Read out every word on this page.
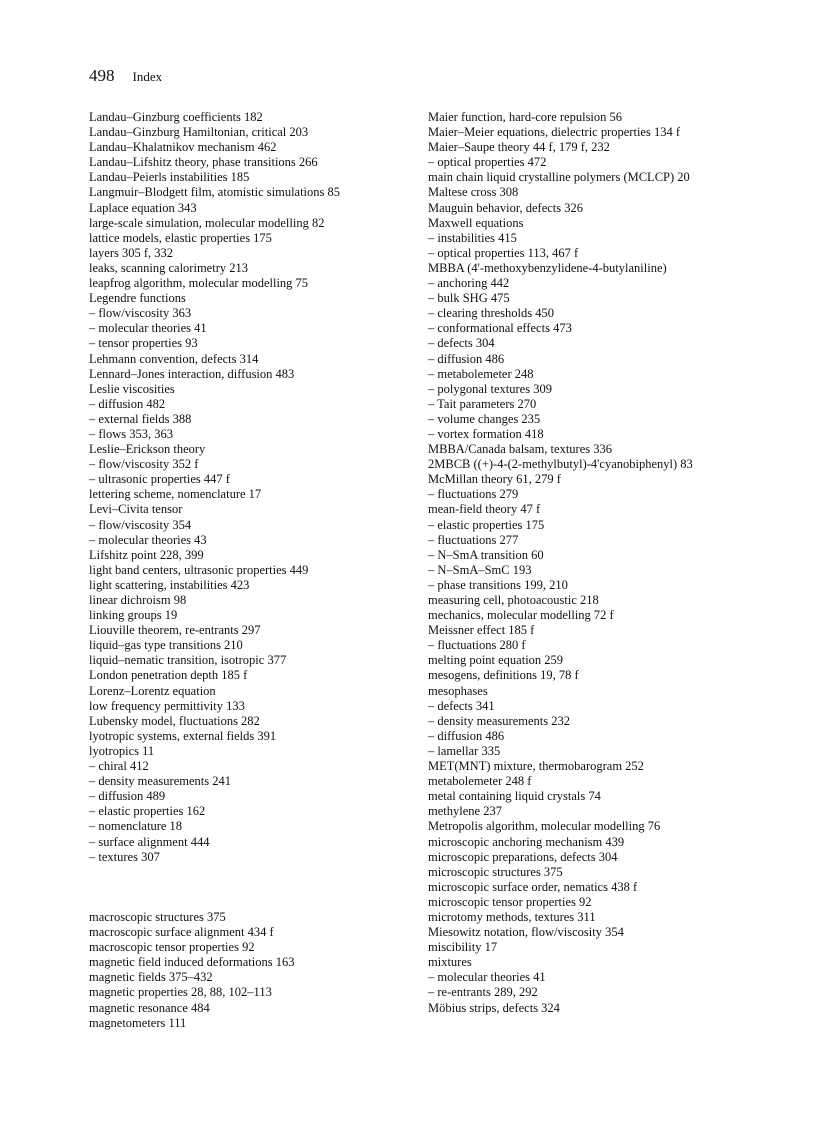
498 Index
Landau–Ginzburg coefficients 182
Landau–Ginzburg Hamiltonian, critical 203
Landau–Khalatnikov mechanism 462
Landau–Lifshitz theory, phase transitions 266
Landau–Peierls instabilities 185
Langmuir–Blodgett film, atomistic simulations 85
Laplace equation 343
large-scale simulation, molecular modelling 82
lattice models, elastic properties 175
layers 305 f, 332
leaks, scanning calorimetry 213
leapfrog algorithm, molecular modelling 75
Legendre functions
– flow/viscosity 363
– molecular theories 41
– tensor properties 93
Lehmann convention, defects 314
Lennard–Jones interaction, diffusion 483
Leslie viscosities
– diffusion 482
– external fields 388
– flows 353, 363
Leslie–Erickson theory
– flow/viscosity 352 f
– ultrasonic properties 447 f
lettering scheme, nomenclature 17
Levi–Civita tensor
– flow/viscosity 354
– molecular theories 43
Lifshitz point 228, 399
light band centers, ultrasonic properties 449
light scattering, instabilities 423
linear dichroism 98
linking groups 19
Liouville theorem, re-entrants 297
liquid–gas type transitions 210
liquid–nematic transition, isotropic 377
London penetration depth 185 f
Lorenz–Lorentz equation
low frequency permittivity 133
Lubensky model, fluctuations 282
lyotropic systems, external fields 391
lyotropics 11
– chiral 412
– density measurements 241
– diffusion 489
– elastic properties 162
– nomenclature 18
– surface alignment 444
– textures 307
macroscopic structures 375
macroscopic surface alignment 434 f
macroscopic tensor properties 92
magnetic field induced deformations 163
magnetic fields 375–432
magnetic properties 28, 88, 102–113
magnetic resonance 484
magnetometers 111
Maier function, hard-core repulsion 56
Maier–Meier equations, dielectric properties 134 f
Maier–Saupe theory 44 f, 179 f, 232
– optical properties 472
main chain liquid crystalline polymers (MCLCP) 20
Maltese cross 308
Mauguin behavior, defects 326
Maxwell equations
– instabilities 415
– optical properties 113, 467 f
MBBA (4'-methoxybenzylidene-4-butylaniline)
– anchoring 442
– bulk SHG 475
– clearing thresholds 450
– conformational effects 473
– defects 304
– diffusion 486
– metabolemeter 248
– polygonal textures 309
– Tait parameters 270
– volume changes 235
– vortex formation 418
MBBA/Canada balsam, textures 336
2MBCB ((+)-4-(2-methylbutyl)-4'cyanobiphenyl) 83
McMillan theory 61, 279 f
– fluctuations 279
mean-field theory 47 f
– elastic properties 175
– fluctuations 277
– N–SmA transition 60
– N–SmA–SmC 193
– phase transitions 199, 210
measuring cell, photoacoustic 218
mechanics, molecular modelling 72 f
Meissner effect 185 f
– fluctuations 280 f
melting point equation 259
mesogens, definitions 19, 78 f
mesophases
– defects 341
– density measurements 232
– diffusion 486
– lamellar 335
MET(MNT) mixture, thermobarogram 252
metabolemeter 248 f
metal containing liquid crystals 74
methylene 237
Metropolis algorithm, molecular modelling 76
microscopic anchoring mechanism 439
microscopic preparations, defects 304
microscopic structures 375
microscopic surface order, nematics 438 f
microscopic tensor properties 92
microtomy methods, textures 311
Miesowitz notation, flow/viscosity 354
miscibility 17
mixtures
– molecular theories 41
– re-entrants 289, 292
Möbius strips, defects 324
